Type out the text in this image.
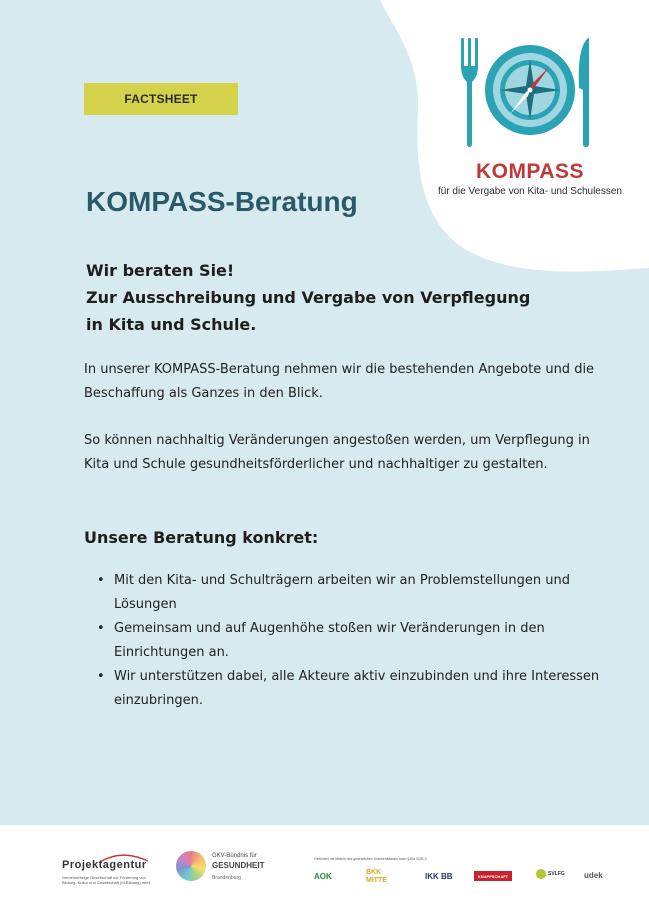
FACTSHEET
KOMPASS
für die Vergabe von Kita- und Schulessen
KOMPASS-Beratung
Wir beraten Sie!
Zur Ausschreibung und Vergabe von Verpflegung
in Kita und Schule.

In unserer KOMPASS-Beratung nehmen wir die bestehenden Angebote und die Beschaffung als Ganzes in den Blick.

So können nachhaltig Veränderungen angestoßen werden, um Verpflegung in Kita und Schule gesundheitsförderlicher und nachhaltiger zu gestalten.

Unsere Beratung konkret:
• Mit den Kita- und Schulträgern arbeiten wir an Problemstellungen und Lösungen
• Gemeinsam und auf Augenhöhe stoßen wir Veränderungen in den Einrichtungen an.
• Wir unterstützen dabei, alle Akteure aktiv einzubinden und ihre Interessen einzubringen.
Projektagentur
Gemeinnützige Gesellschaft zur Förderung von Bildung, Kultur und Gesellschaft (M-Bildung) mbH
GKV-Bündnis für
GESUNDHEIT
Brandenburg
Gefördert mit Mitteln des gesetzlichen Krankenkassen nach §20a SGB V
AOK	BKK
MITTE	IKK BB	KNAPPSCHAFT	SVLFG udek
